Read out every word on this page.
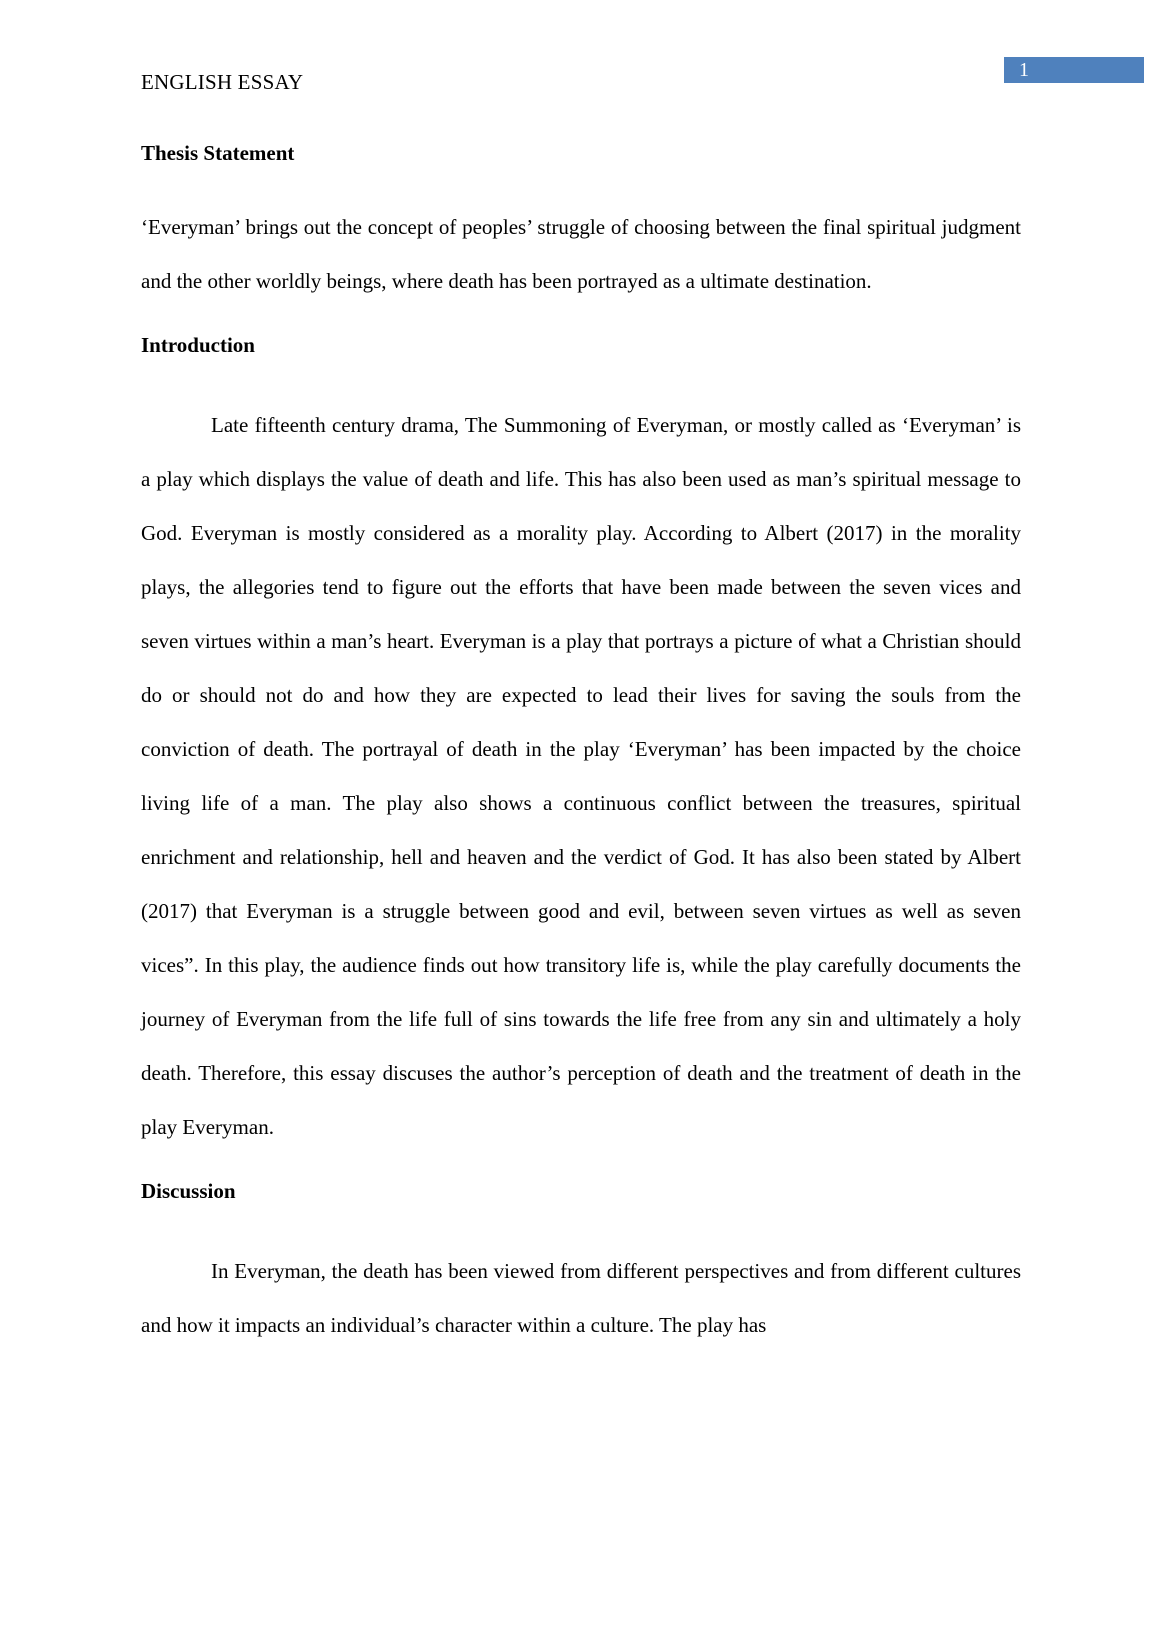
1
ENGLISH ESSAY
Thesis Statement

‘Everyman’ brings out the concept of peoples’ struggle of choosing between the final spiritual judgment and the other worldly beings, where death has been portrayed as a ultimate destination.

Introduction

Late fifteenth century drama, The Summoning of Everyman, or mostly called as ‘Everyman’ is a play which displays the value of death and life. This has also been used as man’s spiritual message to God. Everyman is mostly considered as a morality play. According to Albert (2017) in the morality plays, the allegories tend to figure out the efforts that have been made between the seven vices and seven virtues within a man’s heart. Everyman is a play that portrays a picture of what a Christian should do or should not do and how they are expected to lead their lives for saving the souls from the conviction of death. The portrayal of death in the play ‘Everyman’ has been impacted by the choice living life of a man. The play also shows a continuous conflict between the treasures, spiritual enrichment and relationship, hell and heaven and the verdict of God. It has also been stated by Albert (2017) that Everyman is a struggle between good and evil, between seven virtues as well as seven vices”. In this play, the audience finds out how transitory life is, while the play carefully documents the journey of Everyman from the life full of sins towards the life free from any sin and ultimately a holy death. Therefore, this essay discuses the author’s perception of death and the treatment of death in the play Everyman.

Discussion

In Everyman, the death has been viewed from different perspectives and from different cultures and how it impacts an individual’s character within a culture. The play has
